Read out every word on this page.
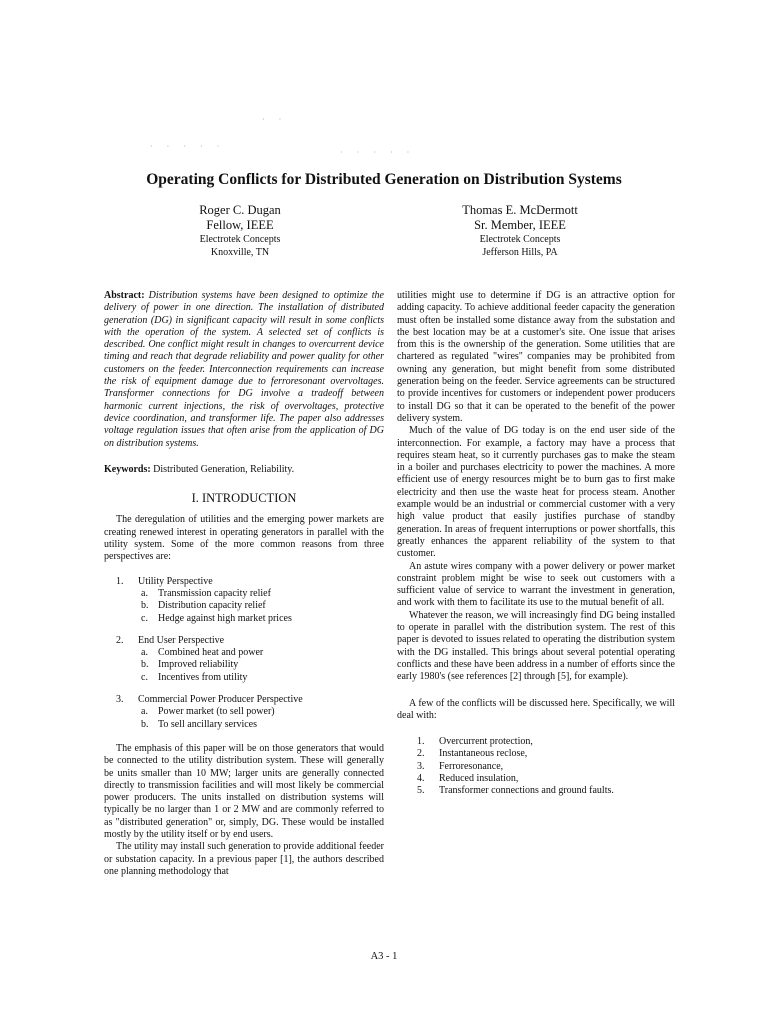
· ·
· · · · ·
· · · · ·
Operating Conflicts for Distributed Generation on Distribution Systems
Roger C. Dugan
Fellow, IEEE
Electrotek Concepts
Knoxville, TN
Thomas E. McDermott
Sr. Member, IEEE
Electrotek Concepts
Jefferson Hills, PA

Abstract: Distribution systems have been designed to optimize the delivery of power in one direction. The installation of distributed generation (DG) in significant capacity will result in some conflicts with the operation of the system. A selected set of conflicts is described. One conflict might result in changes to overcurrent device timing and reach that degrade reliability and power quality for other customers on the feeder. Interconnection requirements can increase the risk of equipment damage due to ferroresonant overvoltages. Transformer connections for DG involve a tradeoff between harmonic current injections, the risk of overvoltages, protective device coordination, and transformer life. The paper also addresses voltage regulation issues that often arise from the application of DG on distribution systems.

Keywords: Distributed Generation, Reliability.

I. INTRODUCTION

The deregulation of utilities and the emerging power markets are creating renewed interest in operating generators in parallel with the utility system. Some of the more common reasons from three perspectives are:

1. Utility Perspective
a. Transmission capacity relief
b. Distribution capacity relief
c. Hedge against high market prices
2. End User Perspective
a. Combined heat and power
b. Improved reliability
c. Incentives from utility
3. Commercial Power Producer Perspective
a. Power market (to sell power)
b. To sell ancillary services

The emphasis of this paper will be on those generators that would be connected to the utility distribution system. These will generally be units smaller than 10 MW; larger units are generally connected directly to transmission facilities and will most likely be commercial power producers. The units installed on distribution systems will typically be no larger than 1 or 2 MW and are commonly referred to as "distributed generation" or, simply, DG. These would be installed mostly by the utility itself or by end users.

The utility may install such generation to provide additional feeder or substation capacity. In a previous paper [1], the authors described one planning methodology that

utilities might use to determine if DG is an attractive option for adding capacity. To achieve additional feeder capacity the generation must often be installed some distance away from the substation and the best location may be at a customer's site. One issue that arises from this is the ownership of the generation. Some utilities that are chartered as regulated "wires" companies may be prohibited from owning any generation, but might benefit from some distributed generation being on the feeder. Service agreements can be structured to provide incentives for customers or independent power producers to install DG so that it can be operated to the benefit of the power delivery system.

Much of the value of DG today is on the end user side of the interconnection. For example, a factory may have a process that requires steam heat, so it currently purchases gas to make the steam in a boiler and purchases electricity to power the machines. A more efficient use of energy resources might be to burn gas to first make electricity and then use the waste heat for process steam. Another example would be an industrial or commercial customer with a very high value product that easily justifies purchase of standby generation. In areas of frequent interruptions or power shortfalls, this greatly enhances the apparent reliability of the system to that customer.

An astute wires company with a power delivery or power market constraint problem might be wise to seek out customers with a sufficient value of service to warrant the investment in generation, and work with them to facilitate its use to the mutual benefit of all.

Whatever the reason, we will increasingly find DG being installed to operate in parallel with the distribution system. The rest of this paper is devoted to issues related to operating the distribution system with the DG installed. This brings about several potential operating conflicts and these have been address in a number of efforts since the early 1980's (see references [2] through [5], for example).

A few of the conflicts will be discussed here. Specifically, we will deal with:

1. Overcurrent protection,
2. Instantaneous reclose,
3. Ferroresonance,
4. Reduced insulation,
5. Transformer connections and ground faults.
A3 - 1
